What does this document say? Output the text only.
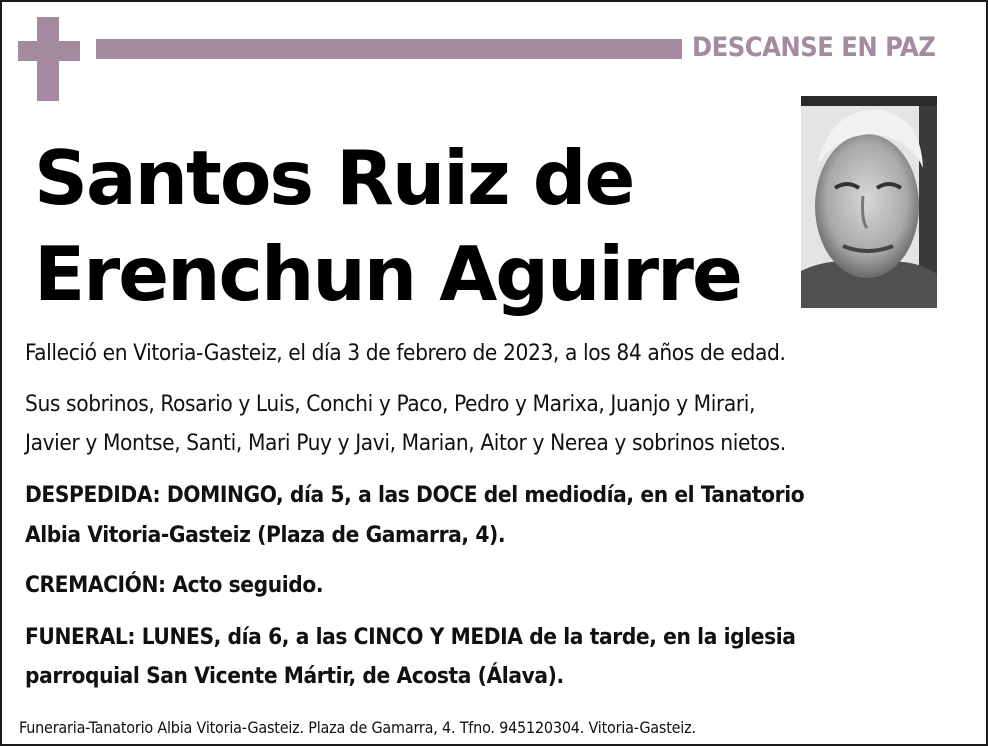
DESCANSE EN PAZ
Santos Ruiz de
Erenchun Aguirre
Falleció en Vitoria-Gasteiz, el día 3 de febrero de 2023, a los 84 años de edad.
Sus sobrinos, Rosario y Luis, Conchi y Paco, Pedro y Marixa, Juanjo y Mirari,
Javier y Montse, Santi, Mari Puy y Javi, Marian, Aitor y Nerea y sobrinos nietos.
DESPEDIDA: DOMINGO, día 5, a las DOCE del mediodía, en el Tanatorio
Albia Vitoria-Gasteiz (Plaza de Gamarra, 4).
CREMACIÓN: Acto seguido.
FUNERAL: LUNES, día 6, a las CINCO Y MEDIA de la tarde, en la iglesia
parroquial San Vicente Mártir, de Acosta (Álava).
Funeraria-Tanatorio Albia Vitoria-Gasteiz. Plaza de Gamarra, 4. Tfno. 945120304. Vitoria-Gasteiz.
